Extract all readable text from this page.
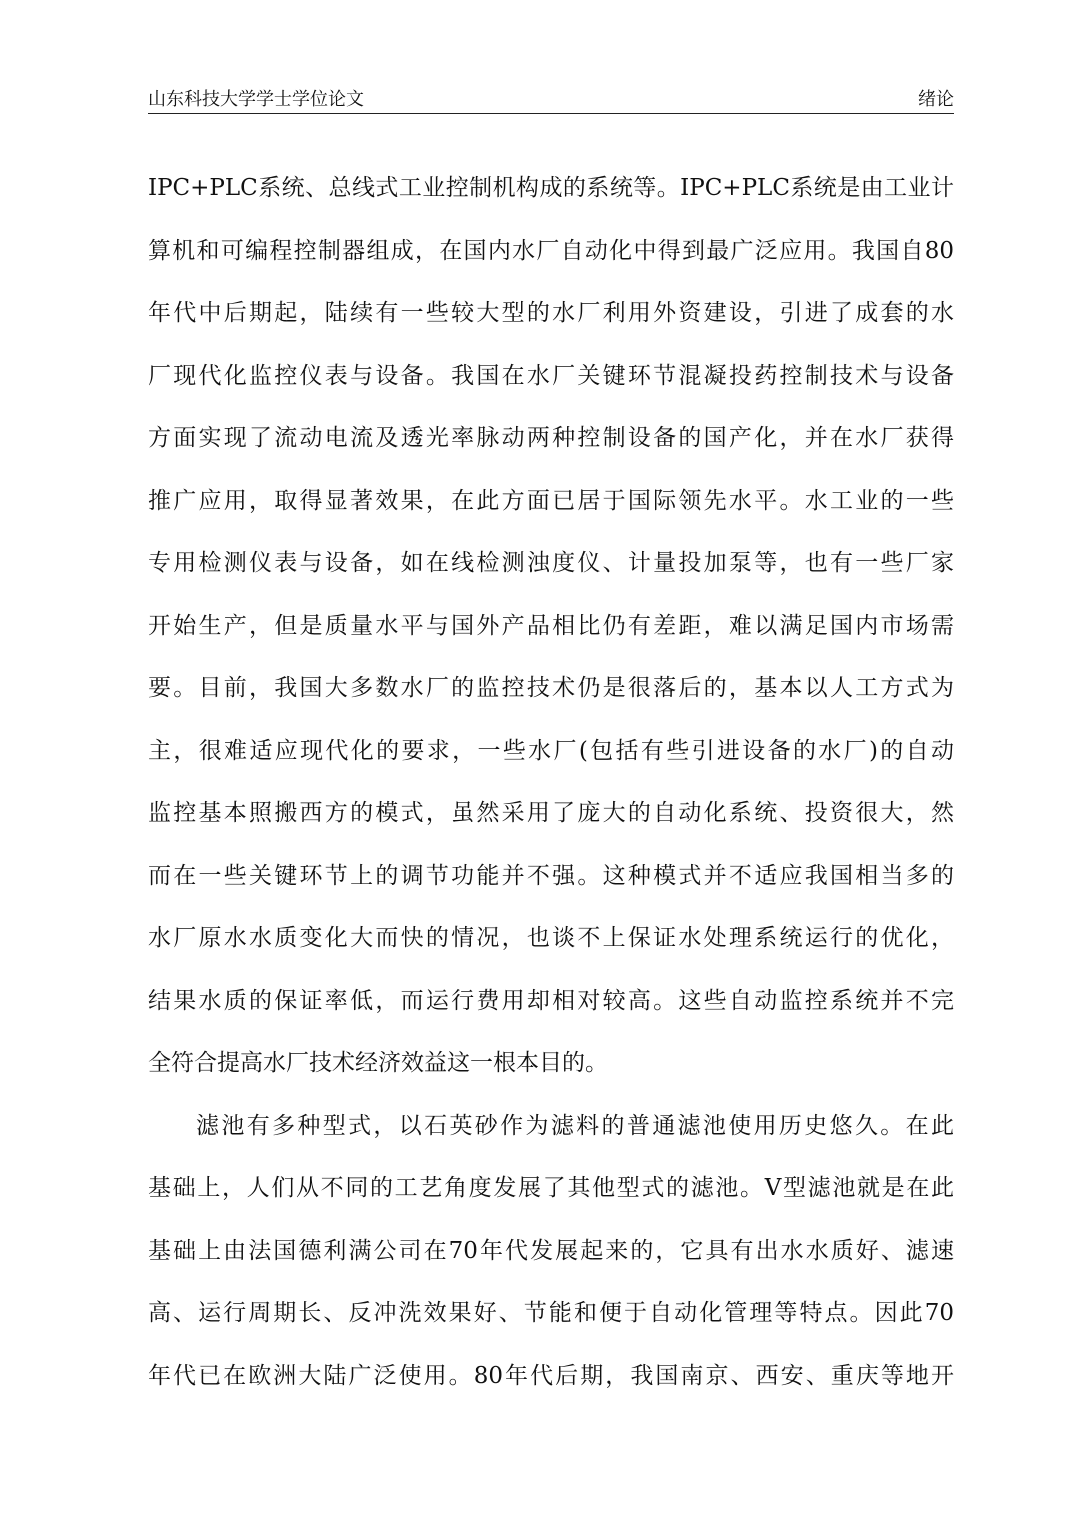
山东科技大学学士学位论文	绪论
IPC+PLC系统、总线式工业控制机构成的系统等。IPC+PLC系统是由工业计
算机和可编程控制器组成，在国内水厂自动化中得到最广泛应用。我国自80
年代中后期起，陆续有一些较大型的水厂利用外资建设，引进了成套的水
厂现代化监控仪表与设备。我国在水厂关键环节混凝投药控制技术与设备
方面实现了流动电流及透光率脉动两种控制设备的国产化，并在水厂获得
推广应用，取得显著效果，在此方面已居于国际领先水平。水工业的一些
专用检测仪表与设备，如在线检测浊度仪、计量投加泵等，也有一些厂家
开始生产，但是质量水平与国外产品相比仍有差距，难以满足国内市场需
要。目前，我国大多数水厂的监控技术仍是很落后的，基本以人工方式为
主，很难适应现代化的要求，一些水厂(包括有些引进设备的水厂)的自动
监控基本照搬西方的模式，虽然采用了庞大的自动化系统、投资很大，然
而在一些关键环节上的调节功能并不强。这种模式并不适应我国相当多的
水厂原水水质变化大而快的情况，也谈不上保证水处理系统运行的优化，
结果水质的保证率低，而运行费用却相对较高。这些自动监控系统并不完
全符合提高水厂技术经济效益这一根本目的。
滤池有多种型式，以石英砂作为滤料的普通滤池使用历史悠久。在此
基础上，人们从不同的工艺角度发展了其他型式的滤池。V型滤池就是在此
基础上由法国德利满公司在70年代发展起来的，它具有出水水质好、滤速
高、运行周期长、反冲洗效果好、节能和便于自动化管理等特点。因此70
年代已在欧洲大陆广泛使用。80年代后期，我国南京、西安、重庆等地开
